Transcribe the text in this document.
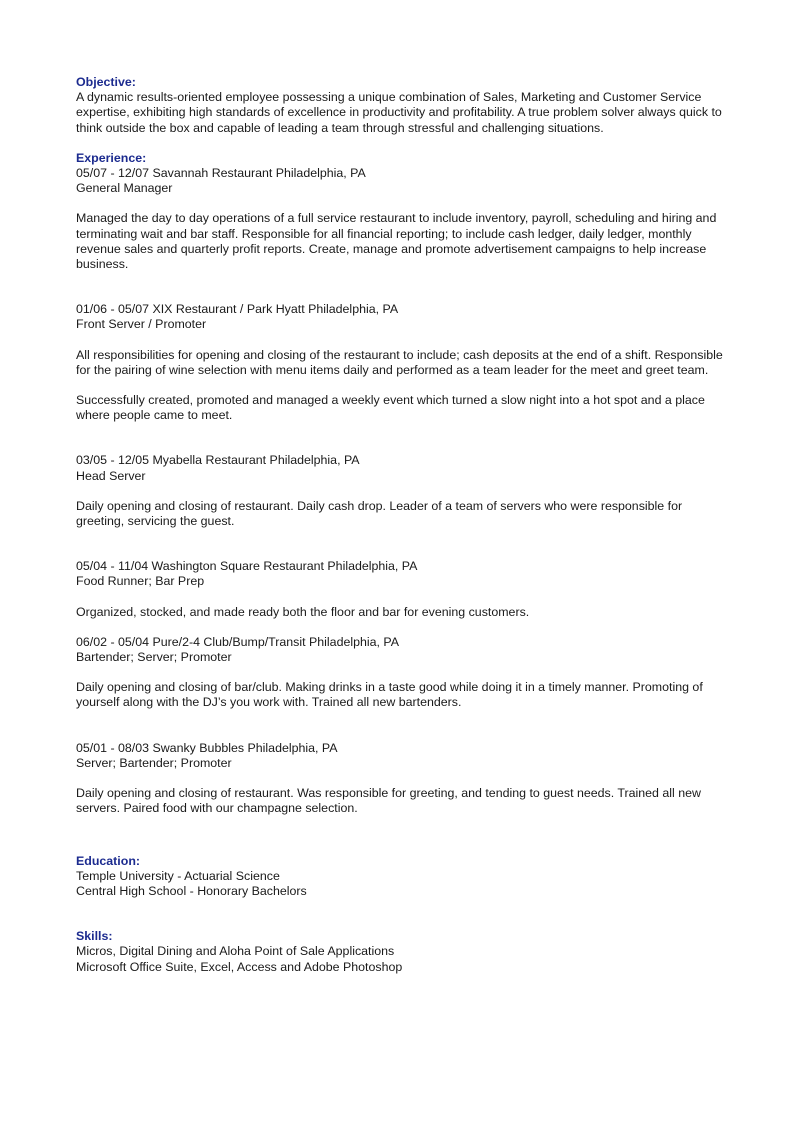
Objective:

A dynamic results-oriented employee possessing a unique combination of Sales, Marketing and Customer Service expertise, exhibiting high standards of excellence in productivity and profitability. A true problem solver always quick to think outside the box and capable of leading a team through stressful and challenging situations.

Experience:

05/07 - 12/07 Savannah Restaurant Philadelphia, PA

General Manager

Managed the day to day operations of a full service restaurant to include inventory, payroll, scheduling and hiring and terminating wait and bar staff. Responsible for all financial reporting; to include cash ledger, daily ledger, monthly revenue sales and quarterly profit reports. Create, manage and promote advertisement campaigns to help increase business.

01/06 - 05/07 XIX Restaurant / Park Hyatt Philadelphia, PA

Front Server / Promoter

All responsibilities for opening and closing of the restaurant to include; cash deposits at the end of a shift. Responsible for the pairing of wine selection with menu items daily and performed as a team leader for the meet and greet team.

Successfully created, promoted and managed a weekly event which turned a slow night into a hot spot and a place where people came to meet.

03/05 - 12/05 Myabella Restaurant Philadelphia, PA

Head Server

Daily opening and closing of restaurant. Daily cash drop. Leader of a team of servers who were responsible for greeting, servicing the guest.

05/04 - 11/04 Washington Square Restaurant Philadelphia, PA

Food Runner; Bar Prep

Organized, stocked, and made ready both the floor and bar for evening customers.

06/02 - 05/04 Pure/2-4 Club/Bump/Transit Philadelphia, PA

Bartender; Server; Promoter

Daily opening and closing of bar/club. Making drinks in a taste good while doing it in a timely manner. Promoting of yourself along with the DJ’s you work with. Trained all new bartenders.

05/01 - 08/03 Swanky Bubbles Philadelphia, PA

Server; Bartender; Promoter

Daily opening and closing of restaurant. Was responsible for greeting, and tending to guest needs. Trained all new servers. Paired food with our champagne selection.

Education:

Temple University - Actuarial Science

Central High School - Honorary Bachelors

Skills:

Micros, Digital Dining and Aloha Point of Sale Applications

Microsoft Office Suite, Excel, Access and Adobe Photoshop
